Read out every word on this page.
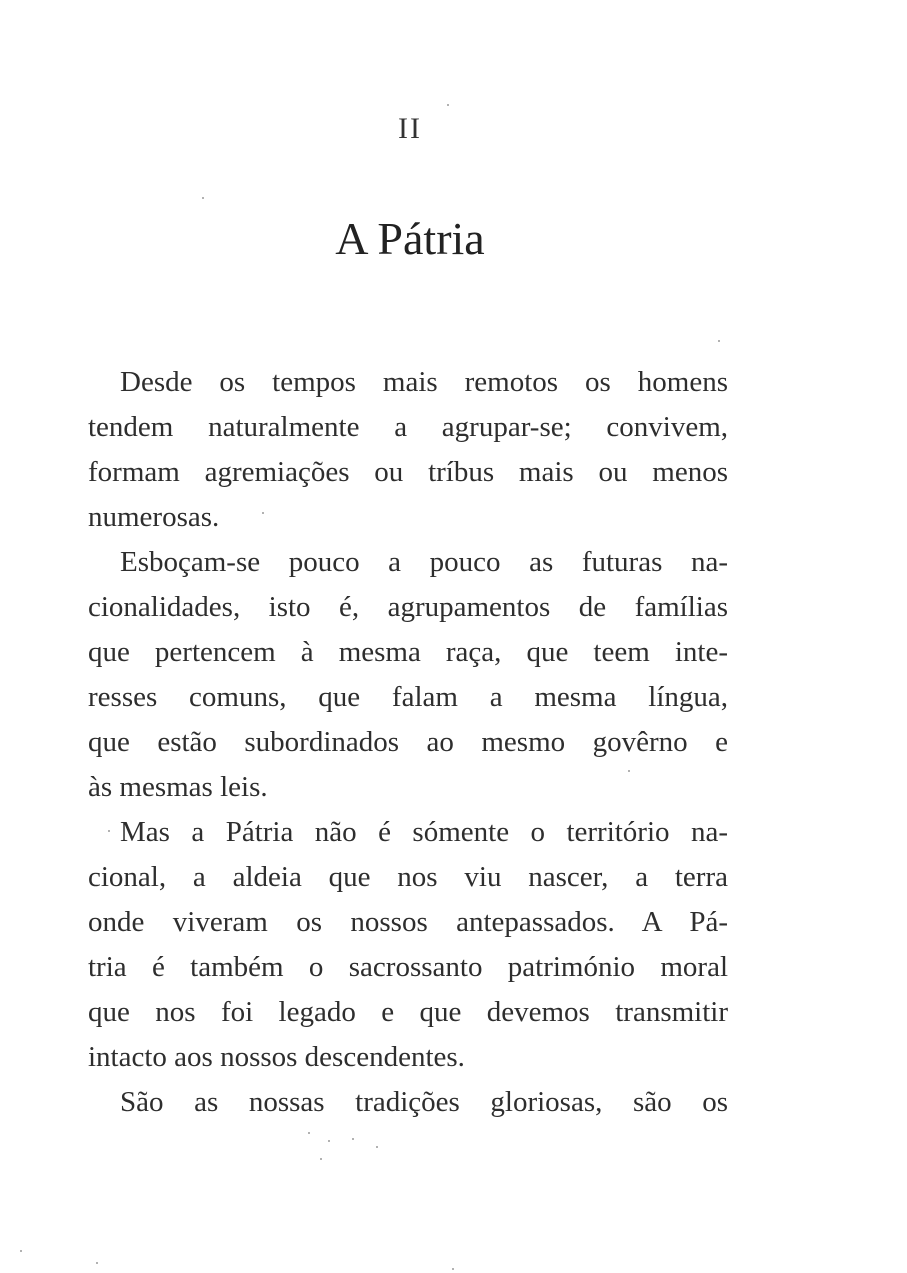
II
A Pátria
Desde os tempos mais remotos os homens
tendem naturalmente a agrupar-se; convivem,
formam agremiações ou tríbus mais ou menos
numerosas.
Esboçam-se pouco a pouco as futuras na-
cionalidades, isto é, agrupamentos de famílias
que pertencem à mesma raça, que teem inte-
resses comuns, que falam a mesma língua,
que estão subordinados ao mesmo govêrno e
às mesmas leis.
Mas a Pátria não é sómente o território na-
cional, a aldeia que nos viu nascer, a terra
onde viveram os nossos antepassados. A Pá-
tria é também o sacrossanto património moral
que nos foi legado e que devemos transmitir
intacto aos nossos descendentes.
São as nossas tradições gloriosas, são os
